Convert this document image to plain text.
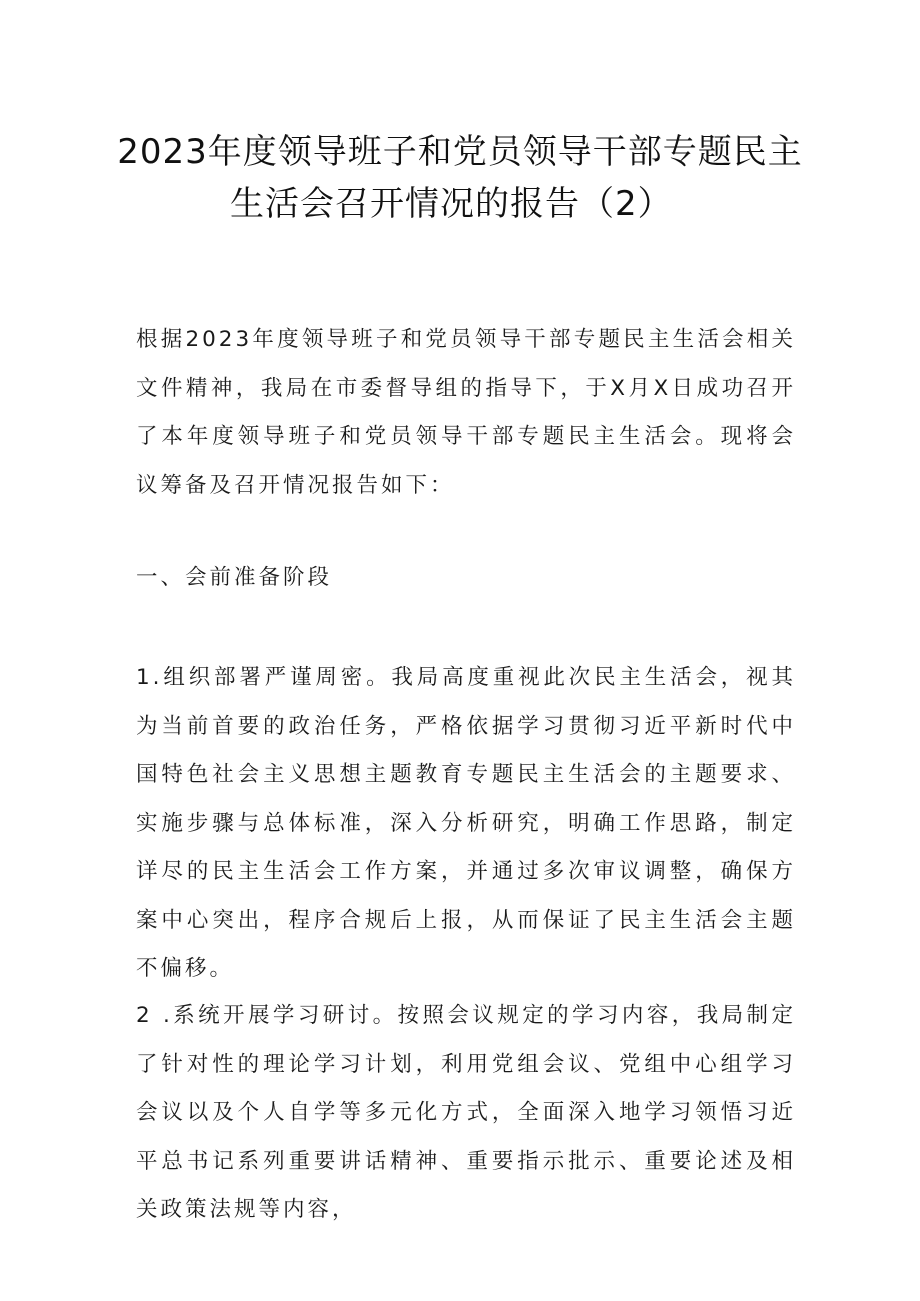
2023年度领导班子和党员领导干部专题民主
生活会召开情况的报告（2）
根据2023年度领导班子和党员领导干部专题民主生活会相关文件精神，我局在市委督导组的指导下，于X月X日成功召开了本年度领导班子和党员领导干部专题民主生活会。现将会议筹备及召开情况报告如下：
一、会前准备阶段
1.组织部署严谨周密。我局高度重视此次民主生活会，视其为当前首要的政治任务，严格依据学习贯彻习近平新时代中国特色社会主义思想主题教育专题民主生活会的主题要求、实施步骤与总体标准，深入分析研究，明确工作思路，制定详尽的民主生活会工作方案，并通过多次审议调整，确保方案中心突出，程序合规后上报，从而保证了民主生活会主题不偏移。
2 .系统开展学习研讨。按照会议规定的学习内容，我局制定了针对性的理论学习计划，利用党组会议、党组中心组学习会议以及个人自学等多元化方式，全面深入地学习领悟习近平总书记系列重要讲话精神、重要指示批示、重要论述及相关政策法规等内容，
